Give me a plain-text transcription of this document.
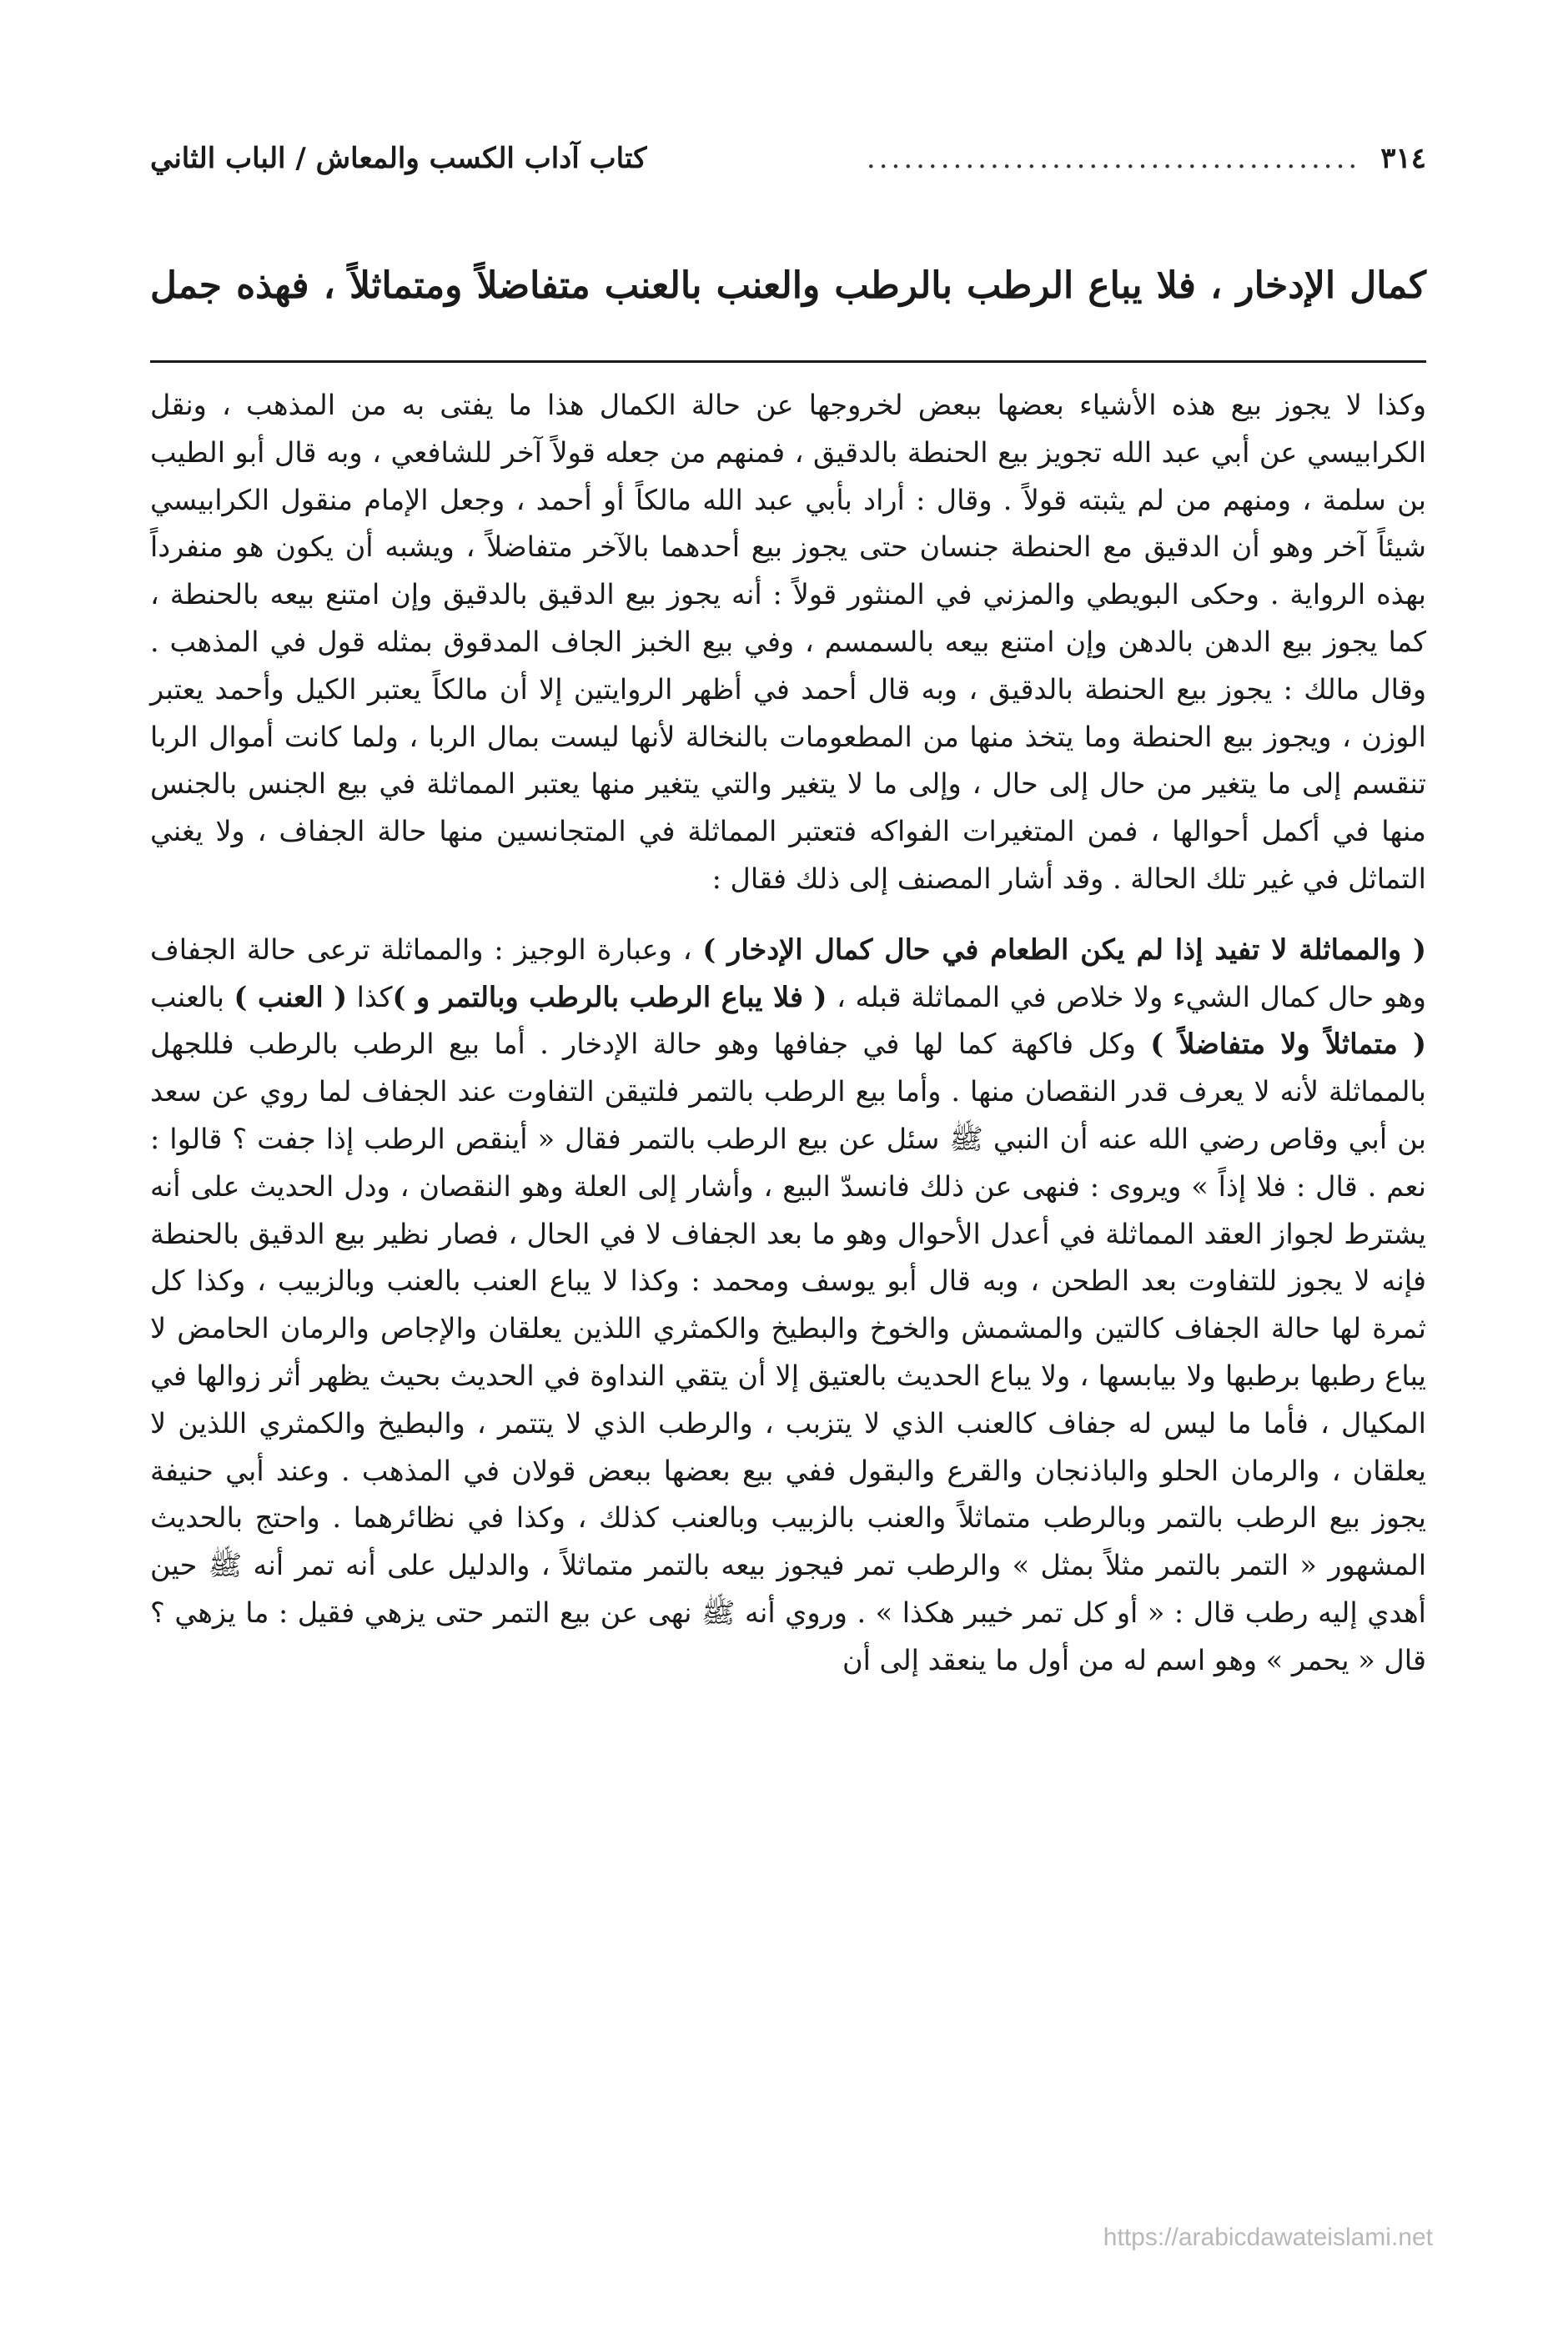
٣١٤
........................................
كتاب آداب الكسب والمعاش / الباب الثاني
كمال الإدخار ، فلا يباع الرطب بالرطب والعنب بالعنب متفاضلاً ومتماثلاً ، فهذه جمل

وكذا لا يجوز بيع هذه الأشياء بعضها ببعض لخروجها عن حالة الكمال هذا ما يفتى به من المذهب ، ونقل الكرابيسي عن أبي عبد الله تجويز بيع الحنطة بالدقيق ، فمنهم من جعله قولاً آخر للشافعي ، وبه قال أبو الطيب بن سلمة ، ومنهم من لم يثبته قولاً . وقال : أراد بأبي عبد الله مالكاً أو أحمد ، وجعل الإمام منقول الكرابيسي شيئاً آخر وهو أن الدقيق مع الحنطة جنسان حتى يجوز بيع أحدهما بالآخر متفاضلاً ، ويشبه أن يكون هو منفرداً بهذه الرواية . وحكى البويطي والمزني في المنثور قولاً : أنه يجوز بيع الدقيق بالدقيق وإن امتنع بيعه بالحنطة ، كما يجوز بيع الدهن بالدهن وإن امتنع بيعه بالسمسم ، وفي بيع الخبز الجاف المدقوق بمثله قول في المذهب . وقال مالك : يجوز بيع الحنطة بالدقيق ، وبه قال أحمد في أظهر الروايتين إلا أن مالكاً يعتبر الكيل وأحمد يعتبر الوزن ، ويجوز بيع الحنطة وما يتخذ منها من المطعومات بالنخالة لأنها ليست بمال الربا ، ولما كانت أموال الربا تنقسم إلى ما يتغير من حال إلى حال ، وإلى ما لا يتغير والتي يتغير منها يعتبر المماثلة في بيع الجنس بالجنس منها في أكمل أحوالها ، فمن المتغيرات الفواكه فتعتبر المماثلة في المتجانسين منها حالة الجفاف ، ولا يغني التماثل في غير تلك الحالة . وقد أشار المصنف إلى ذلك فقال :

( والمماثلة لا تفيد إذا لم يكن الطعام في حال كمال الإدخار ) ، وعبارة الوجيز : والمماثلة ترعى حالة الجفاف وهو حال كمال الشيء ولا خلاص في المماثلة قبله ، ( فلا يباع الرطب بالرطب وبالتمر و )كذا ( العنب ) بالعنب ( متماثلاً ولا متفاضلاً ) وكل فاكهة كما لها في جفافها وهو حالة الإدخار . أما بيع الرطب بالرطب فللجهل بالمماثلة لأنه لا يعرف قدر النقصان منها . وأما بيع الرطب بالتمر فلتيقن التفاوت عند الجفاف لما روي عن سعد بن أبي وقاص رضي الله عنه أن النبي ﷺ سئل عن بيع الرطب بالتمر فقال « أينقص الرطب إذا جفت ؟ قالوا : نعم . قال : فلا إذاً » ويروى : فنهى عن ذلك فانسدّ البيع ، وأشار إلى العلة وهو النقصان ، ودل الحديث على أنه يشترط لجواز العقد المماثلة في أعدل الأحوال وهو ما بعد الجفاف لا في الحال ، فصار نظير بيع الدقيق بالحنطة فإنه لا يجوز للتفاوت بعد الطحن ، وبه قال أبو يوسف ومحمد : وكذا لا يباع العنب بالعنب وبالزبيب ، وكذا كل ثمرة لها حالة الجفاف كالتين والمشمش والخوخ والبطيخ والكمثري اللذين يعلقان والإجاص والرمان الحامض لا يباع رطبها برطبها ولا بيابسها ، ولا يباع الحديث بالعتيق إلا أن يتقي النداوة في الحديث بحيث يظهر أثر زوالها في المكيال ، فأما ما ليس له جفاف كالعنب الذي لا يتزبب ، والرطب الذي لا يتتمر ، والبطيخ والكمثري اللذين لا يعلقان ، والرمان الحلو والباذنجان والقرع والبقول ففي بيع بعضها ببعض قولان في المذهب . وعند أبي حنيفة يجوز بيع الرطب بالتمر وبالرطب متماثلاً والعنب بالزبيب وبالعنب كذلك ، وكذا في نظائرهما . واحتج بالحديث المشهور « التمر بالتمر مثلاً بمثل » والرطب تمر فيجوز بيعه بالتمر متماثلاً ، والدليل على أنه تمر أنه ﷺ حين أهدي إليه رطب قال : « أو كل تمر خيبر هكذا » . وروي أنه ﷺ نهى عن بيع التمر حتى يزهي فقيل : ما يزهي ؟ قال « يحمر » وهو اسم له من أول ما ينعقد إلى أن

https://arabicdawateislami.net
